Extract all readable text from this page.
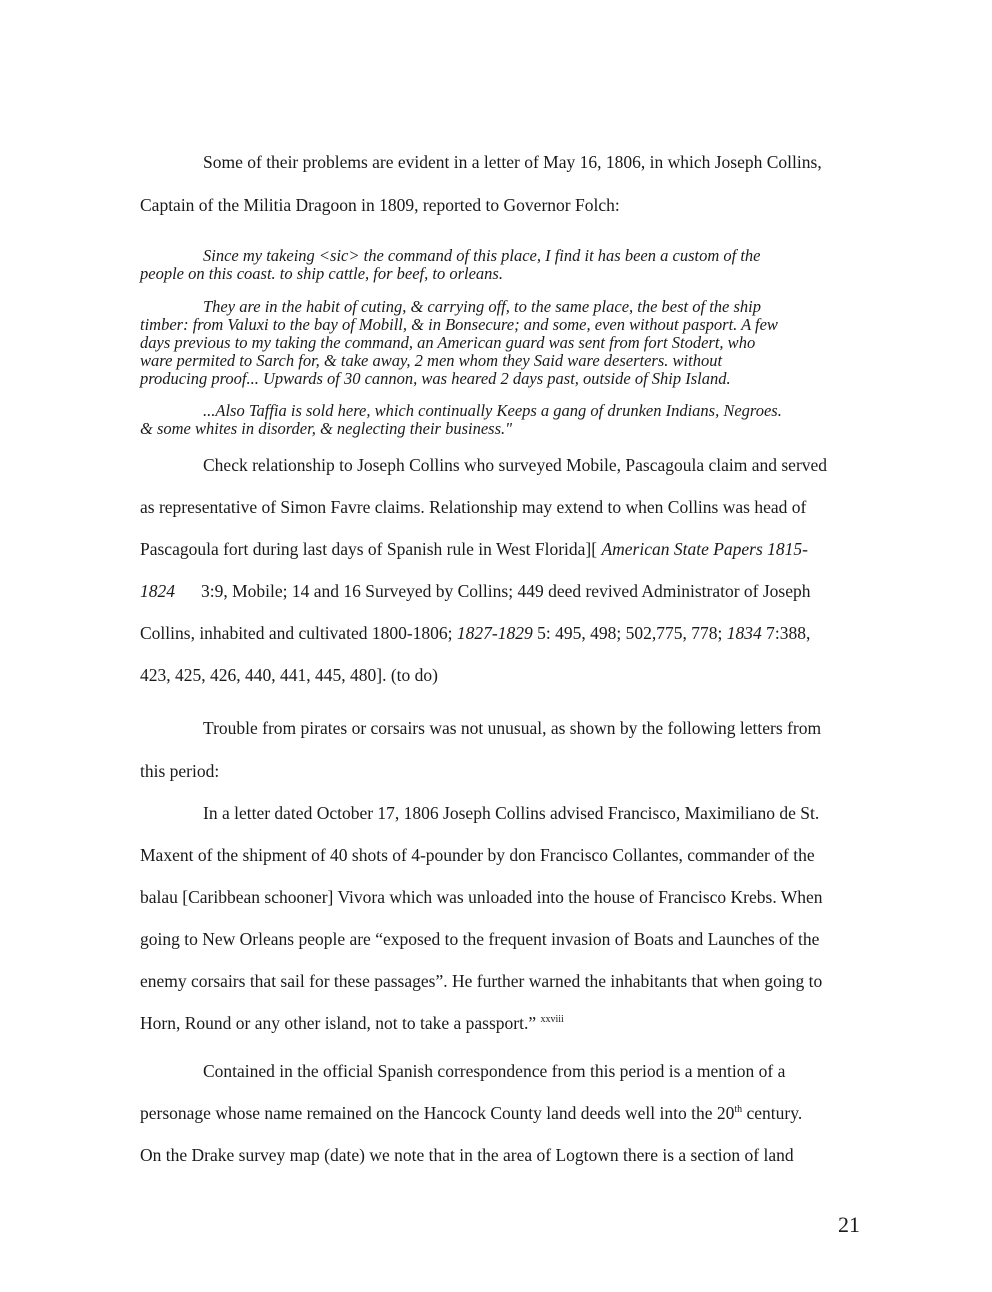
Some of their problems are evident in a letter of May 16, 1806, in which Joseph Collins,
Captain of the Militia Dragoon in 1809, reported to Governor Folch:
Since my takeing <sic> the command of this place, I find it has been a custom of the
people on this coast. to ship cattle, for beef, to orleans.
They are in the habit of cuting, & carrying off, to the same place, the best of the ship
timber: from Valuxi to the bay of Mobill, & in Bonsecure; and some, even without pasport. A few
days previous to my taking the command, an American guard was sent from fort Stodert, who
ware permited to Sarch for, & take away, 2 men whom they Said ware deserters. without
producing proof... Upwards of 30 cannon, was heared 2 days past, outside of Ship Island.
...Also Taffia is sold here, which continually Keeps a gang of drunken Indians, Negroes.
& some whites in disorder, & neglecting their business."
Check relationship to Joseph Collins who surveyed Mobile, Pascagoula claim and served
as representative of Simon Favre claims. Relationship may extend to when Collins was head of
Pascagoula fort during last days of Spanish rule in West Florida][ American State Papers 1815-
1824 3:9, Mobile; 14 and 16 Surveyed by Collins; 449 deed revived Administrator of Joseph
Collins, inhabited and cultivated 1800-1806; 1827-1829 5: 495, 498; 502,775, 778; 1834 7:388,
423, 425, 426, 440, 441, 445, 480]. (to do)
Trouble from pirates or corsairs was not unusual, as shown by the following letters from
this period:
In a letter dated October 17, 1806 Joseph Collins advised Francisco, Maximiliano de St.
Maxent of the shipment of 40 shots of 4-pounder by don Francisco Collantes, commander of the
balau [Caribbean schooner] Vivora which was unloaded into the house of Francisco Krebs. When
going to New Orleans people are “exposed to the frequent invasion of Boats and Launches of the
enemy corsairs that sail for these passages”. He further warned the inhabitants that when going to
Horn, Round or any other island, not to take a passport.” $^{xxviii}$
Contained in the official Spanish correspondence from this period is a mention of a
personage whose name remained on the Hancock County land deeds well into the 20th century.
On the Drake survey map (date) we note that in the area of Logtown there is a section of land
21
